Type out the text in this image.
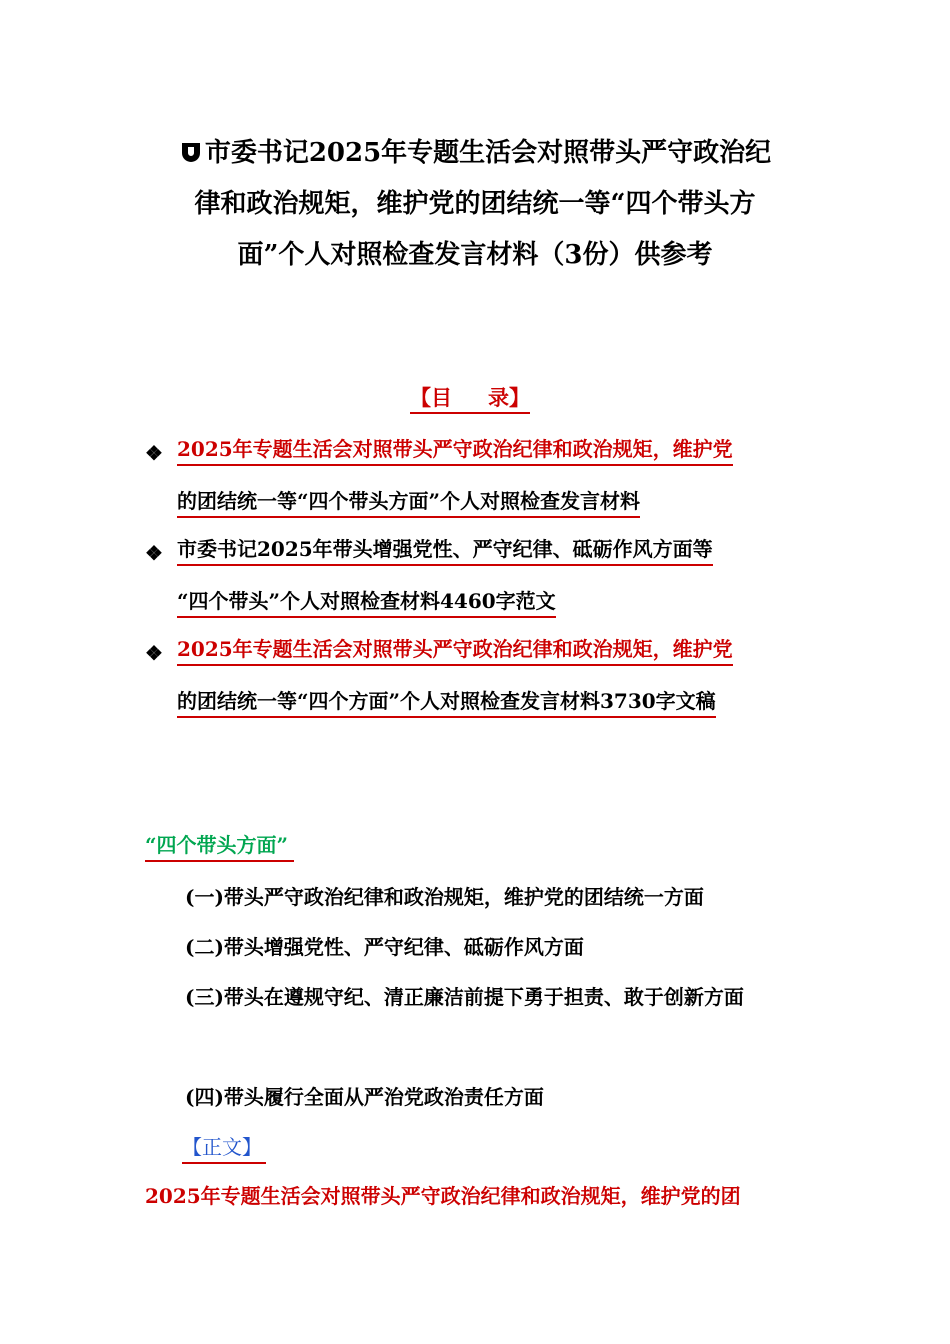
市委书记2025年专题生活会对照带头严守政治纪
律和政治规矩，维护党的团结统一等“四个带头方
面”个人对照检查发言材料（3份）供参考
【目 录】
❖ 2025年专题生活会对照带头严守政治纪律和政治规矩，维护党
的团结统一等“四个带头方面”个人对照检查发言材料
❖ 市委书记2025年带头增强党性、严守纪律、砥砺作风方面等
“四个带头”个人对照检查材料4460字范文
❖ 2025年专题生活会对照带头严守政治纪律和政治规矩，维护党
的团结统一等“四个方面”个人对照检查发言材料3730字文稿
“四个带头方面”
(一)带头严守政治纪律和政治规矩，维护党的团结统一方面
(二)带头增强党性、严守纪律、砥砺作风方面
(三)带头在遵规守纪、清正廉洁前提下勇于担责、敢于创新方面
(四)带头履行全面从严治党政治责任方面
【正文】
2025年专题生活会对照带头严守政治纪律和政治规矩，维护党的团
